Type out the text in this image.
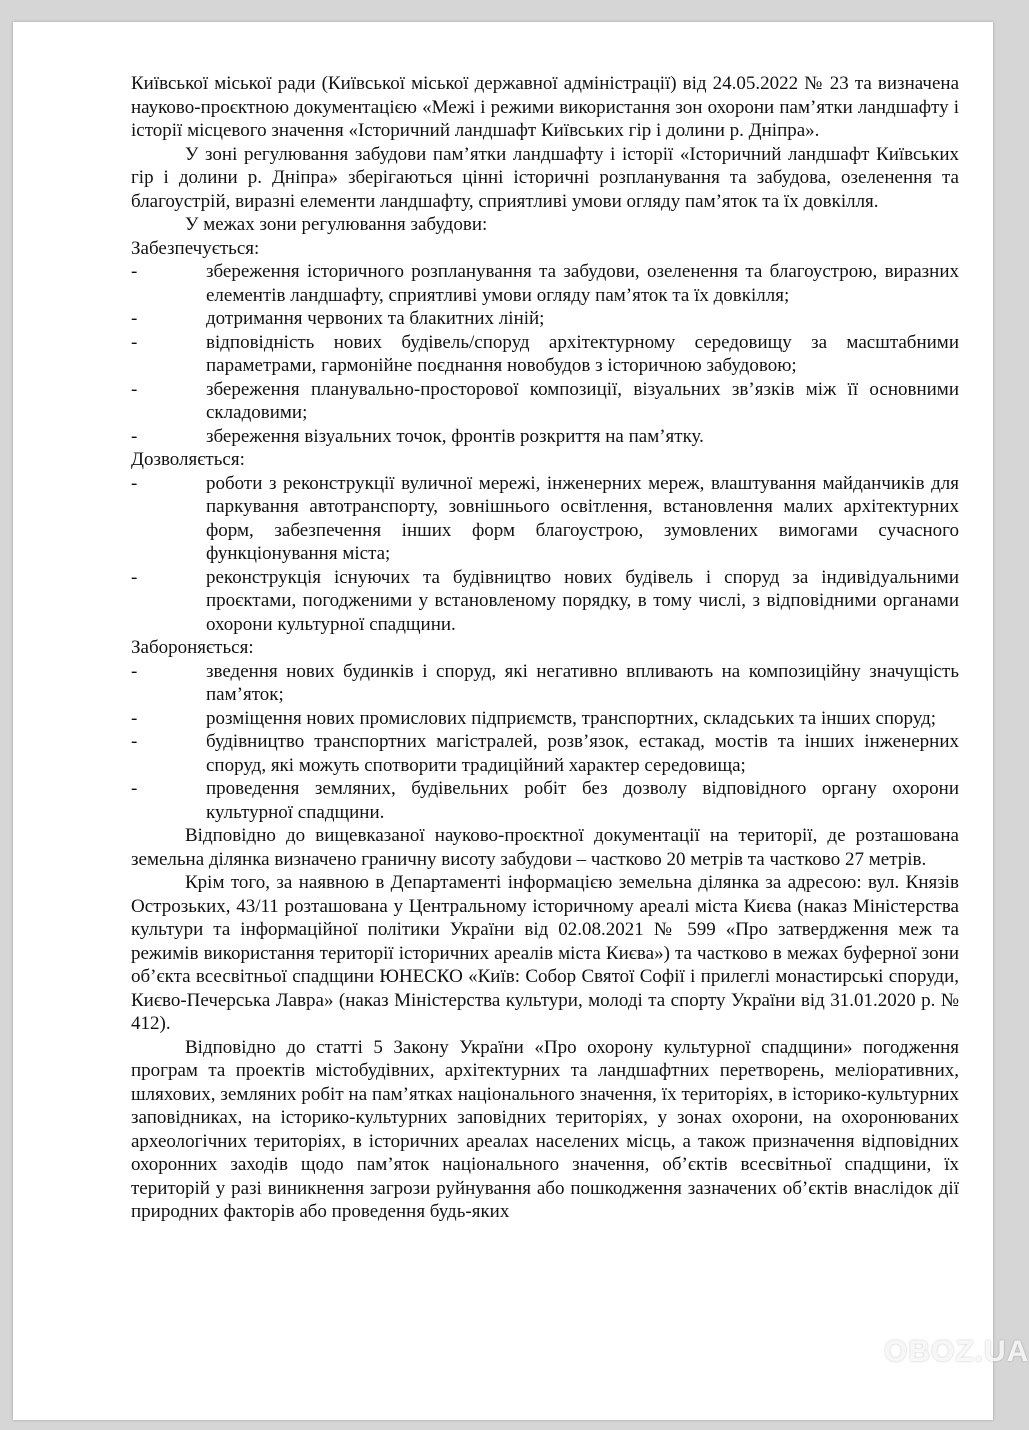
Київської міської ради (Київської міської державної адміністрації) від 24.05.2022 № 23 та визначена науково-проєктною документацією «Межі і режими використання зон охорони пам’ятки ландшафту і історії місцевого значення «Історичний ландшафт Київських гір і долини р. Дніпра».

У зоні регулювання забудови пам’ятки ландшафту і історії «Історичний ландшафт Київських гір і долини р. Дніпра» зберігаються цінні історичні розпланування та забудова, озеленення та благоустрій, виразні елементи ландшафту, сприятливі умови огляду пам’яток та їх довкілля.

У межах зони регулювання забудови:

Забезпечується:

- збереження історичного розпланування та забудови, озеленення та благоустрою, виразних елементів ландшафту, сприятливі умови огляду пам’яток та їх довкілля;
- дотримання червоних та блакитних ліній;
- відповідність нових будівель/споруд архітектурному середовищу за масштабними параметрами, гармонійне поєднання новобудов з історичною забудовою;
- збереження планувально-просторової композиції, візуальних зв’язків між її основними складовими;
- збереження візуальних точок, фронтів розкриття на пам’ятку.

Дозволяється:

- роботи з реконструкції вуличної мережі, інженерних мереж, влаштування майданчиків для паркування автотранспорту, зовнішнього освітлення, встановлення малих архітектурних форм, забезпечення інших форм благоустрою, зумовлених вимогами сучасного функціонування міста;
- реконструкція існуючих та будівництво нових будівель і споруд за індивідуальними проєктами, погодженими у встановленому порядку, в тому числі, з відповідними органами охорони культурної спадщини.

Забороняється:

- зведення нових будинків і споруд, які негативно впливають на композиційну значущість пам’яток;
- розміщення нових промислових підприємств, транспортних, складських та інших споруд;
- будівництво транспортних магістралей, розв’язок, естакад, мостів та інших інженерних споруд, які можуть спотворити традиційний характер середовища;
- проведення земляних, будівельних робіт без дозволу відповідного органу охорони культурної спадщини.

Відповідно до вищевказаної науково-проєктної документації на території, де розташована земельна ділянка визначено граничну висоту забудови – частково 20 метрів та частково 27 метрів.

Крім того, за наявною в Департаменті інформацією земельна ділянка за адресою: вул. Князів Острозьких, 43/11 розташована у Центральному історичному ареалі міста Києва (наказ Міністерства культури та інформаційної політики України від 02.08.2021 № 599 «Про затвердження меж та режимів використання території історичних ареалів міста Києва») та частково в межах буферної зони об’єкта всесвітньої спадщини ЮНЕСКО «Київ: Собор Святої Софії і прилеглі монастирські споруди, Києво-Печерська Лавра» (наказ Міністерства культури, молоді та спорту України від 31.01.2020 р. № 412).

Відповідно до статті 5 Закону України «Про охорону культурної спадщини» погодження програм та проектів містобудівних, архітектурних та ландшафтних перетворень, меліоративних, шляхових, земляних робіт на пам’ятках національного значення, їх територіях, в історико-культурних заповідниках, на історико-культурних заповідних територіях, у зонах охорони, на охоронюваних археологічних територіях, в історичних ареалах населених місць, а також призначення відповідних охоронних заходів щодо пам’яток національного значення, об’єктів всесвітньої спадщини, їх територій у разі виникнення загрози руйнування або пошкодження зазначених об’єктів внаслідок дії природних факторів або проведення будь-яких

OBOZ.UA
